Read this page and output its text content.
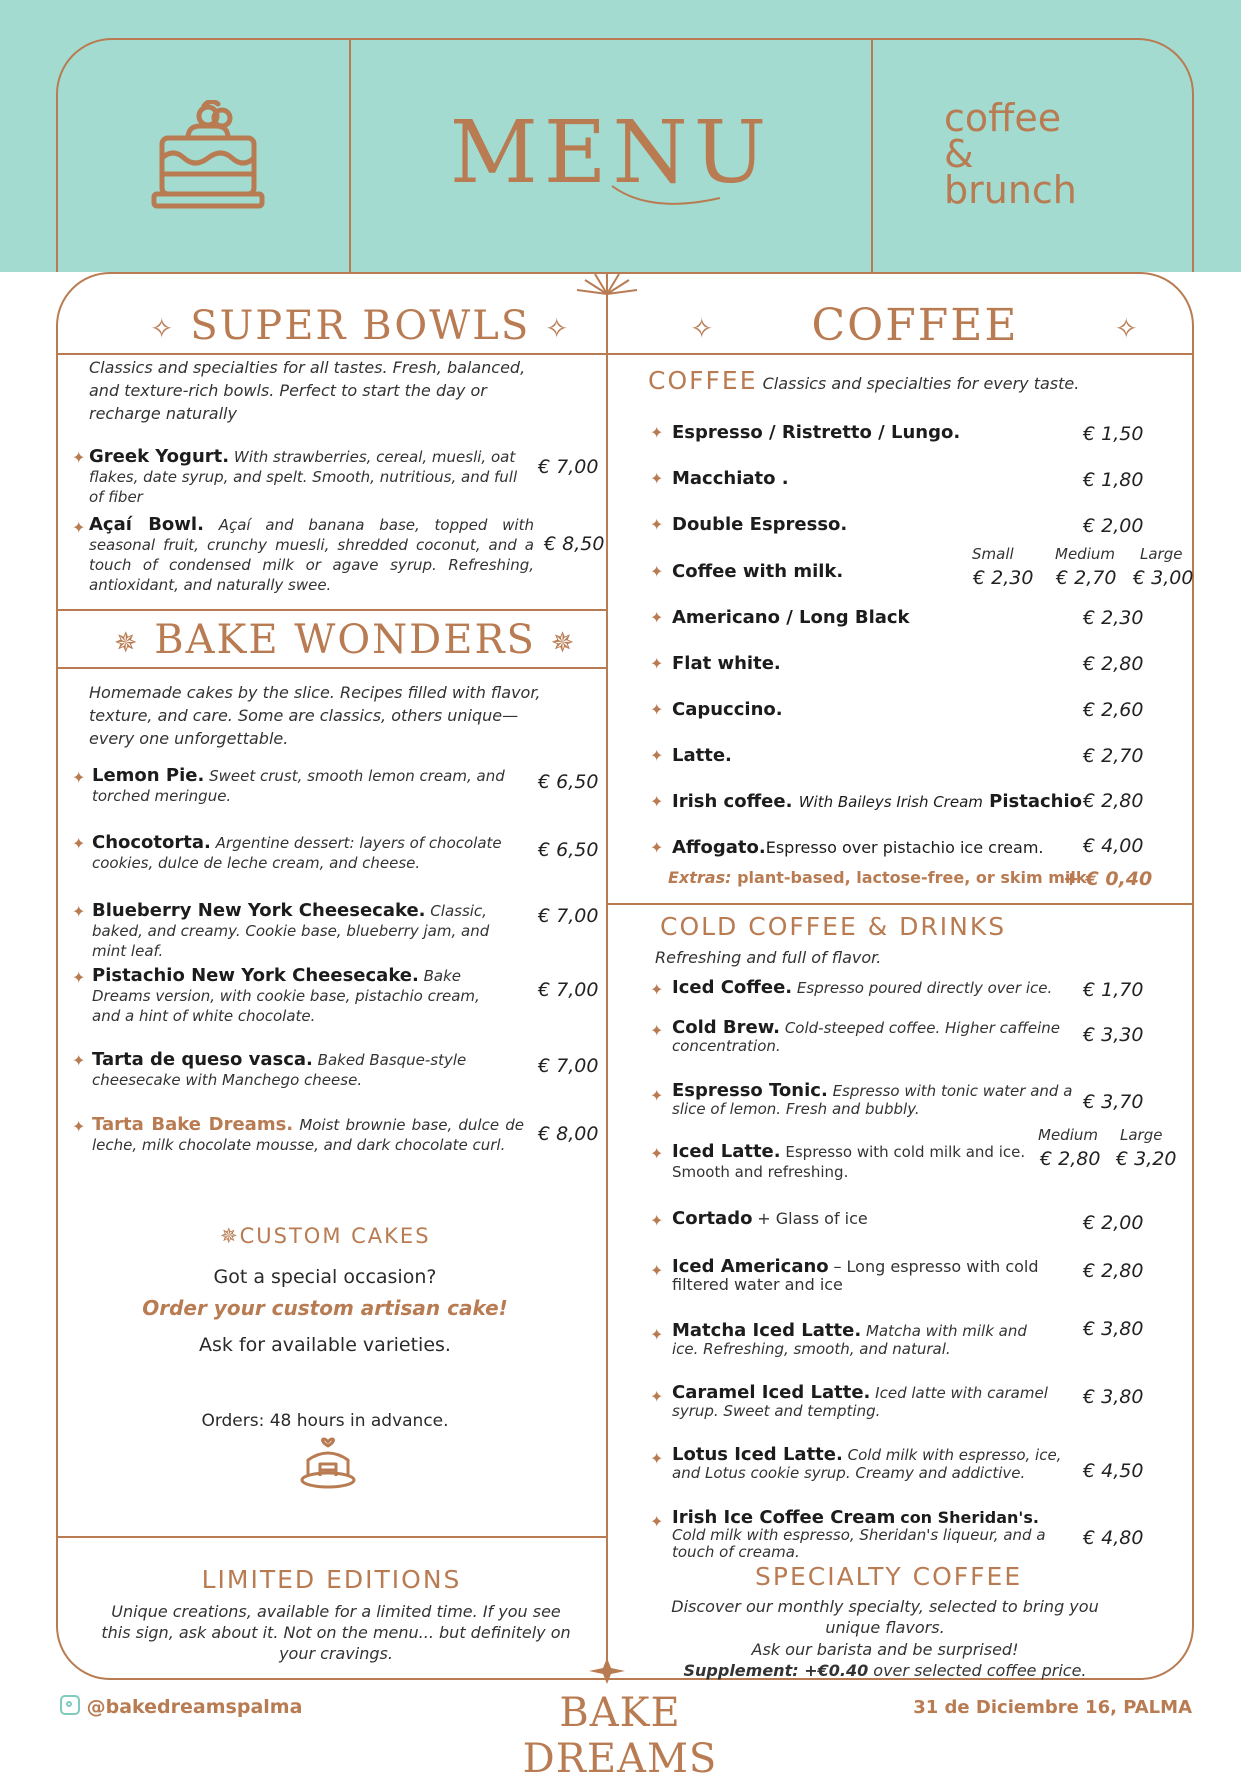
MENU	coffee
&
brunch
✧ SUPER BOWLS ✧
Classics and specialties for all tastes. Fresh, balanced, and texture-rich bowls. Perfect to start the day or recharge naturally
✦ Greek Yogurt. With strawberries, cereal, muesli, oat flakes, date syrup, and spelt. Smooth, nutritious, and full of fiber
€ 7,00
✦ Açaí Bowl. Açaí and banana base, topped with seasonal fruit, crunchy muesli, shredded coconut, and a touch of condensed milk or agave syrup. Refreshing, antioxidant, and naturally swee.
€ 8,50
✵ BAKE WONDERS ✵
Homemade cakes by the slice. Recipes filled with flavor, texture, and care. Some are classics, others unique—every one unforgettable.
✦ Lemon Pie. Sweet crust, smooth lemon cream, and torched meringue.
€ 6,50
✦ Chocotorta. Argentine dessert: layers of chocolate cookies, dulce de leche cream, and cheese.
€ 6,50
✦ Blueberry New York Cheesecake. Classic, baked, and creamy. Cookie base, blueberry jam, and mint leaf.
€ 7,00
✦ Pistachio New York Cheesecake. Bake Dreams version, with cookie base, pistachio cream, and a hint of white chocolate.
€ 7,00
✦ Tarta de queso vasca. Baked Basque-style cheesecake with Manchego cheese.
€ 7,00
✦ Tarta Bake Dreams. Moist brownie base, dulce de leche, milk chocolate mousse, and dark chocolate curl.	€ 8,00
✵CUSTOM CAKES
Got a special occasion?
Order your custom artisan cake!
Ask for available varieties.
Orders: 48 hours in advance.
LIMITED EDITIONS
Unique creations, available for a limited time. If you see this sign, ask about it. Not on the menu... but definitely on your cravings.
✧ COFFEE	✧
COFFEE Classics and specialties for every taste.
✦ Espresso / Ristretto / Lungo.	€ 1,50
✦ Macchiato .	€ 1,80
✦ Double Espresso.	€ 2,00
✦ Coffee with milk.
Small	Medium Large
€ 2,30 € 2,70 € 3,00
✦ Americano / Long Black	€ 2,30
✦ Flat white.	€ 2,80
✦ Capuccino.	€ 2,60
✦ Latte.	€ 2,70
✦ Irish coffee. With Baileys Irish Cream Pistachio € 2,80
✦ Affogato.Espresso over pistachio ice cream. € 4,00
Extras: plant-based, lactose-free, or skim milk.
+ € 0,40
COLD COFFEE & DRINKS
Refreshing and full of flavor.
✦ Iced Coffee. Espresso poured directly over ice.	€ 1,70
✦ Cold Brew. Cold-steeped coffee. Higher caffeine concentration.	€ 3,30
✦ Espresso Tonic. Espresso with tonic water and a slice of lemon. Fresh and bubbly.	€ 3,70
✦ Iced Latte. Espresso with cold milk and ice. Smooth and refreshing.
Medium Large
€ 2,80 € 3,20
✦ Cortado + Glass of ice	€ 2,00
✦ Iced Americano – Long espresso with cold filtered water and ice
€ 2,80
✦ Matcha Iced Latte. Matcha with milk and ice. Refreshing, smooth, and natural.
€ 3,80
✦ Caramel Iced Latte. Iced latte with caramel syrup. Sweet and tempting.
€ 3,80
✦ Lotus Iced Latte. Cold milk with espresso, ice, and Lotus cookie syrup. Creamy and addictive.	€ 4,50
✦ Irish Ice Coffee Cream con Sheridan's.
Cold milk with espresso, Sheridan's liqueur, and a touch of creama.
€ 4,80
SPECIALTY COFFEE
Discover our monthly specialty, selected to bring you unique flavors.
Ask our barista and be surprised!
Supplement: +€0.40 over selected coffee price.
@bakedreamspalma	BAKE DREAMS
31 de Diciembre 16, PALMA
